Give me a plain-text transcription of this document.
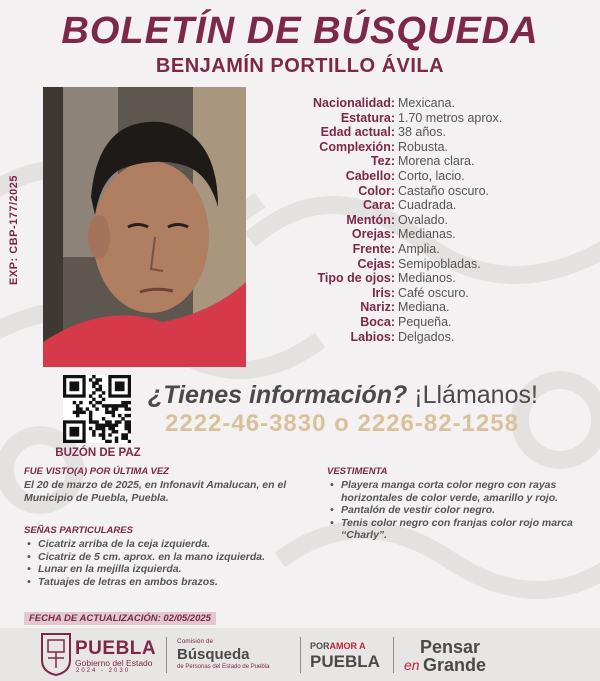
BOLETÍN DE BÚSQUEDA
BENJAMÍN PORTILLO ÁVILA
EXP: CBP-177/2025
Nacionalidad: Mexicana.
Estatura: 1.70 metros aprox.
Edad actual: 38 años.
Complexión: Robusta.
Tez: Morena clara.
Cabello: Corto, lacio.
Color: Castaño oscuro.
Cara: Cuadrada.
Mentón: Ovalado.
Orejas: Medianas.
Frente: Amplia.
Cejas: Semipobladas.
Tipo de ojos: Medianos.
Iris: Café oscuro.
Nariz: Mediana.
Boca: Pequeña.
Labios: Delgados.
BUZÓN DE PAZ
¿Tienes información? ¡Llámanos!
2222-46-3830 o 2226-82-1258
FUE VISTO(A) POR ÚLTIMA VEZ
El 20 de marzo de 2025, en Infonavit Amalucan, en el Municipio de Puebla, Puebla.
SEÑAS PARTICULARES
• Cicatriz arriba de la ceja izquierda.
• Cicatriz de 5 cm. aprox. en la mano izquierda.
• Lunar en la mejilla izquierda.
• Tatuajes de letras en ambos brazos.
VESTIMENTA
• Playera manga corta color negro con rayas horizontales de color verde, amarillo y rojo.
• Pantalón de vestir color negro.
• Tenis color negro con franjas color rojo marca “Charly”.
FECHA DE ACTUALIZACIÓN: 02/05/2025
PUEBLA
Gobierno del Estado
2024 - 2030
Comisión de
Búsqueda
de Personas del Estado de Puebla
PORAMOR A
PUEBLA
Pensar
en Grande
